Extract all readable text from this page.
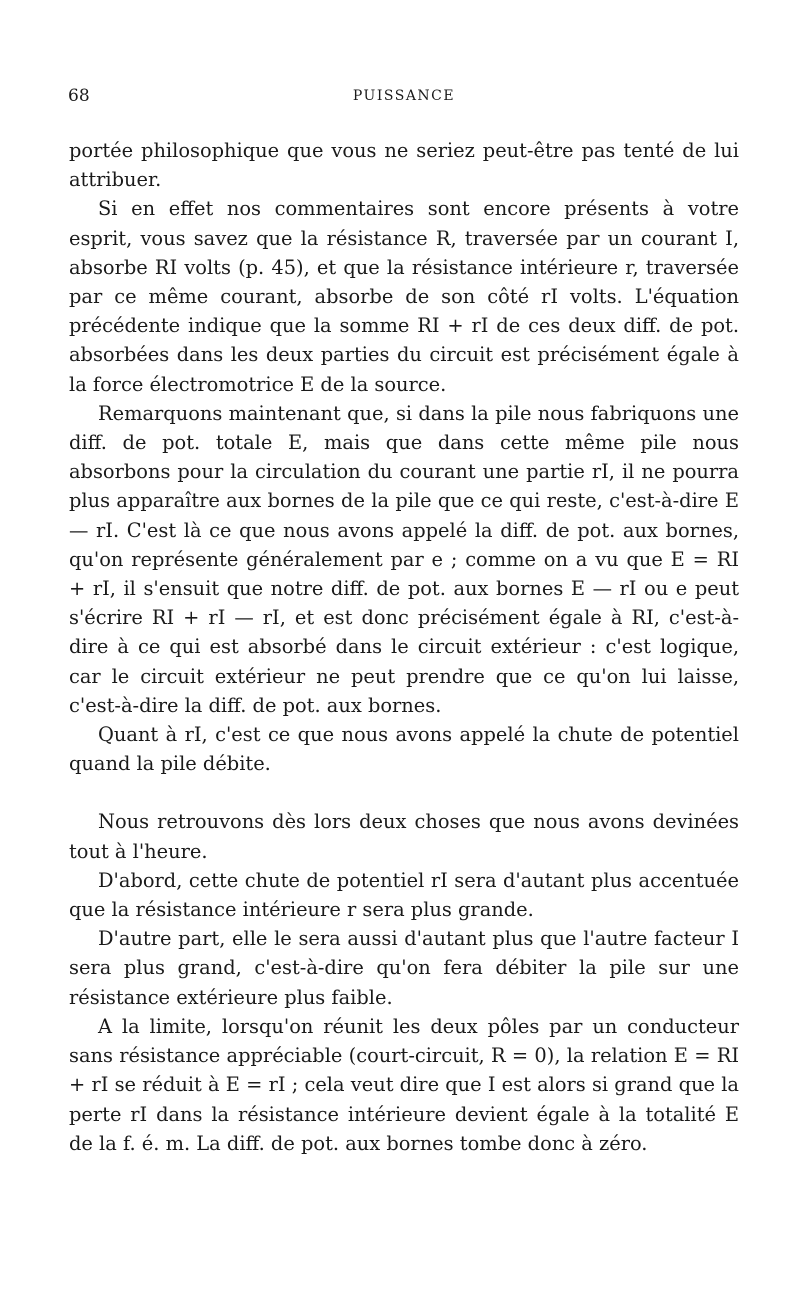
68	PUISSANCE

portée philosophique que vous ne seriez peut-être pas tenté de lui attribuer.

Si en effet nos commentaires sont encore présents à votre esprit, vous savez que la résistance R, traversée par un courant I, absorbe RI volts (p. 45), et que la résistance intérieure r, traversée par ce même courant, absorbe de son côté rI volts. L'équation précédente indique que la somme RI + rI de ces deux diff. de pot. absorbées dans les deux parties du circuit est précisément égale à la force électromotrice E de la source.

Remarquons maintenant que, si dans la pile nous fabriquons une diff. de pot. totale E, mais que dans cette même pile nous absorbons pour la circulation du courant une partie rI, il ne pourra plus apparaître aux bornes de la pile que ce qui reste, c'est-à-dire E — rI. C'est là ce que nous avons appelé la diff. de pot. aux bornes, qu'on représente généralement par e ; comme on a vu que E = RI + rI, il s'ensuit que notre diff. de pot. aux bornes E — rI ou e peut s'écrire RI + rI — rI, et est donc précisément égale à RI, c'est-à-dire à ce qui est absorbé dans le circuit extérieur : c'est logique, car le circuit extérieur ne peut prendre que ce qu'on lui laisse, c'est-à-dire la diff. de pot. aux bornes.

Quant à rI, c'est ce que nous avons appelé la chute de potentiel quand la pile débite.

Nous retrouvons dès lors deux choses que nous avons devinées tout à l'heure.

D'abord, cette chute de potentiel rI sera d'autant plus accentuée que la résistance intérieure r sera plus grande.

D'autre part, elle le sera aussi d'autant plus que l'autre facteur I sera plus grand, c'est-à-dire qu'on fera débiter la pile sur une résistance extérieure plus faible.

A la limite, lorsqu'on réunit les deux pôles par un conducteur sans résistance appréciable (court-circuit, R = 0), la relation E = RI + rI se réduit à E = rI ; cela veut dire que I est alors si grand que la perte rI dans la résistance intérieure devient égale à la totalité E de la f. é. m. La diff. de pot. aux bornes tombe donc à zéro.
